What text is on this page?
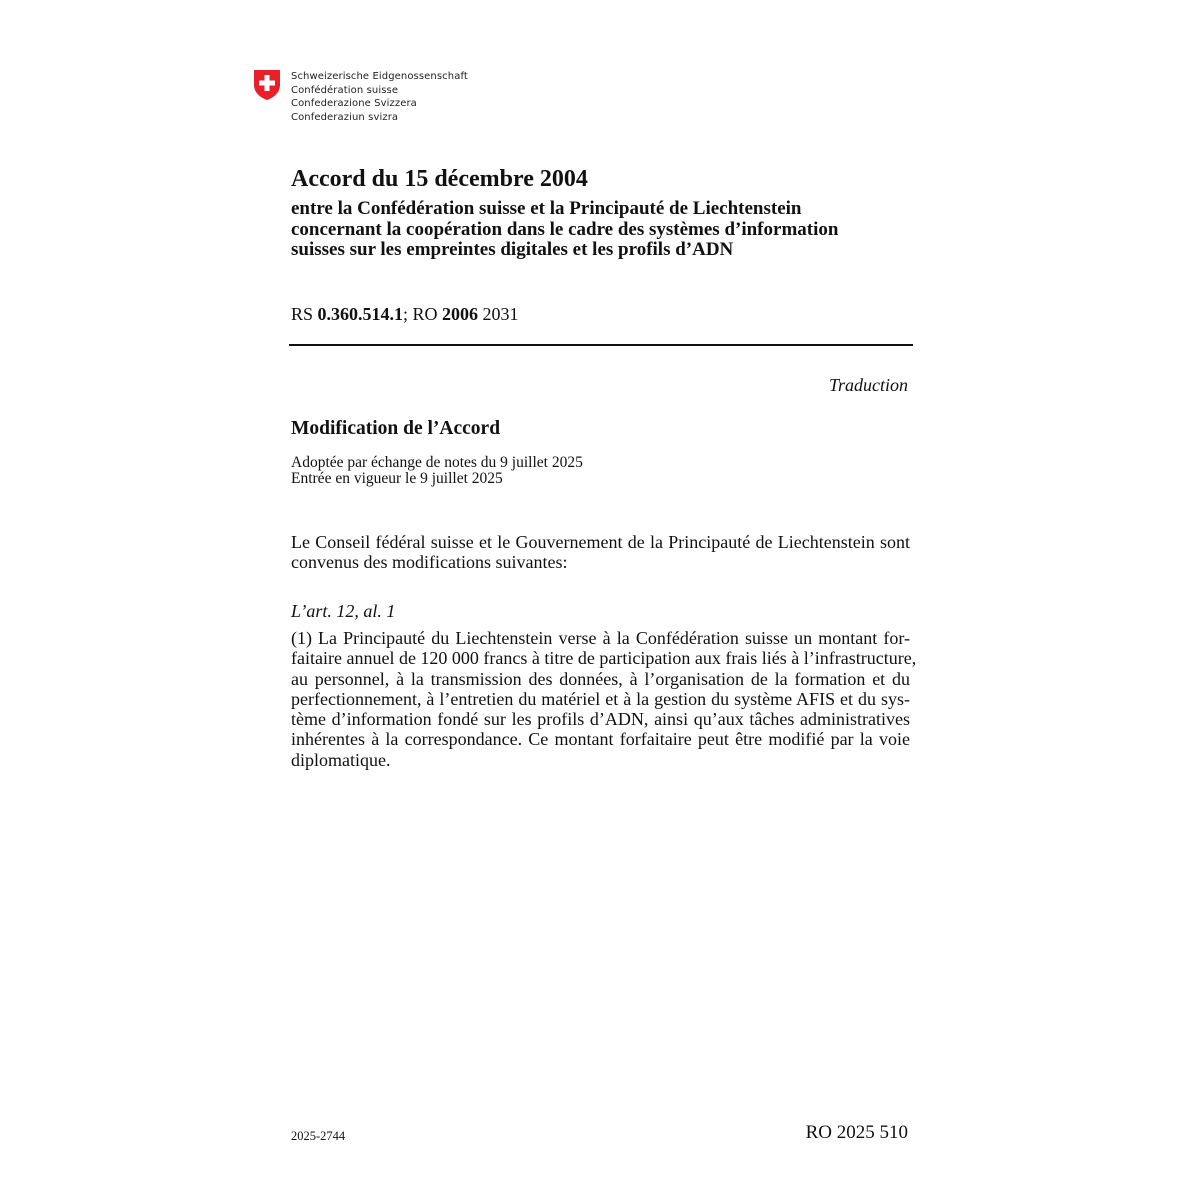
Schweizerische Eidgenossenschaft
Confédération suisse
Confederazione Svizzera
Confederaziun svizra
Accord du 15 décembre 2004
entre la Confédération suisse et la Principauté de Liechtenstein
concernant la coopération dans le cadre des systèmes d’information
suisses sur les empreintes digitales et les profils d’ADN
RS 0.360.514.1; RO 2006 2031
Traduction
Modification de l’Accord
Adoptée par échange de notes du 9 juillet 2025
Entrée en vigueur le 9 juillet 2025

Le Conseil fédéral suisse et le Gouvernement de la Principauté de Liechtenstein sont convenus des modifications suivantes:

L’art. 12, al. 1

(1) La Principauté du Liechtenstein verse à la Confédération suisse un montant for-
faitaire annuel de 120 000 francs à titre de participation aux frais liés à l’infrastructure,
au personnel, à la transmission des données, à l’organisation de la formation et du
perfectionnement, à l’entretien du matériel et à la gestion du système AFIS et du sys-
tème d’information fondé sur les profils d’ADN, ainsi qu’aux tâches administratives
inhérentes à la correspondance. Ce montant forfaitaire peut être modifié par la voie
diplomatique.

2025-2744	RO 2025 510
